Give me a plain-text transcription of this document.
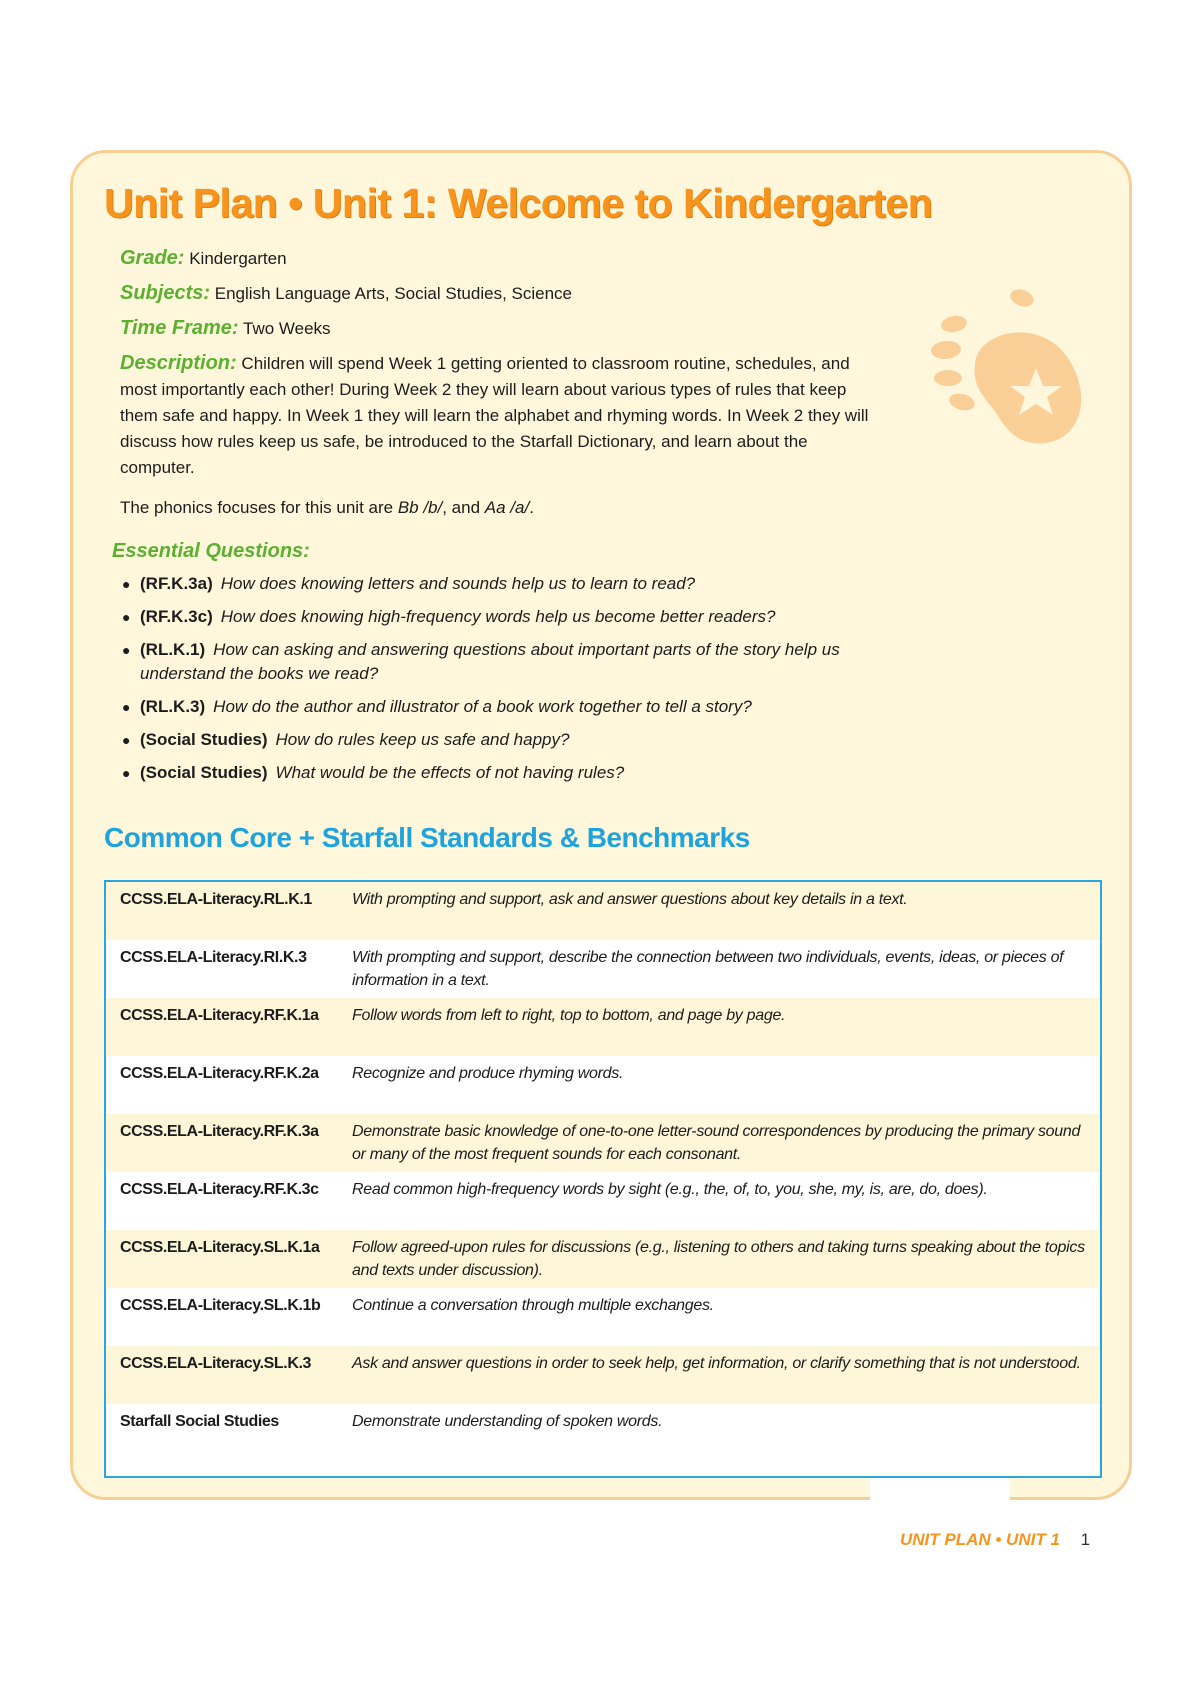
Unit Plan • Unit 1: Welcome to Kindergarten
Grade: Kindergarten
Subjects: English Language Arts, Social Studies, Science
Time Frame: Two Weeks
Description: Children will spend Week 1 getting oriented to classroom routine, schedules, and most importantly each other! During Week 2 they will learn about various types of rules that keep them safe and happy. In Week 1 they will learn the alphabet and rhyming words. In Week 2 they will discuss how rules keep us safe, be introduced to the Starfall Dictionary, and learn about the computer.
The phonics focuses for this unit are Bb /b/, and Aa /a/.
Essential Questions:
● (RF.K.3a) How does knowing letters and sounds help us to learn to read?
● (RF.K.3c) How does knowing high-frequency words help us become better readers?
● (RL.K.1) How can asking and answering questions about important parts of the story help us understand the books we read?
● (RL.K.3) How do the author and illustrator of a book work together to tell a story?
● (Social Studies) How do rules keep us safe and happy?
● (Social Studies) What would be the effects of not having rules?
Common Core + Starfall Standards & Benchmarks
CCSS.ELA-Literacy.RL.K.1	With prompting and support, ask and answer questions about key details in a text.
CCSS.ELA-Literacy.RI.K.3	With prompting and support, describe the connection between two individuals, events, ideas, or pieces of information in a text.
CCSS.ELA-Literacy.RF.K.1a	Follow words from left to right, top to bottom, and page by page.
CCSS.ELA-Literacy.RF.K.2a	Recognize and produce rhyming words.
CCSS.ELA-Literacy.RF.K.3a	Demonstrate basic knowledge of one-to-one letter-sound correspondences by producing the primary sound or many of the most frequent sounds for each consonant.
CCSS.ELA-Literacy.RF.K.3c	Read common high-frequency words by sight (e.g., the, of, to, you, she, my, is, are, do, does).
CCSS.ELA-Literacy.SL.K.1a	Follow agreed-upon rules for discussions (e.g., listening to others and taking turns speaking about the topics and texts under discussion).
CCSS.ELA-Literacy.SL.K.1b	Continue a conversation through multiple exchanges.
CCSS.ELA-Literacy.SL.K.3	Ask and answer questions in order to seek help, get information, or clarify something that is not understood.
Starfall Social Studies	Demonstrate understanding of spoken words.
UNIT PLAN • UNIT 1 1
